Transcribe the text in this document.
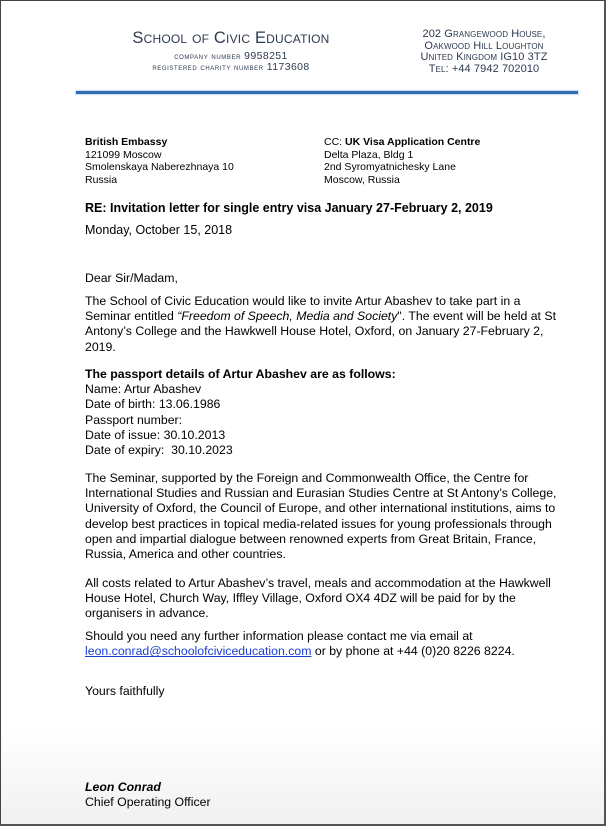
School of Civic Education
company number 9958251
registered charity number 1173608
202 Grangewood House,
Oakwood Hill Loughton
United Kingdom IG10 3TZ
Tel: +44 7942 702010
British Embassy
121099 Moscow
Smolenskaya Naberezhnaya 10
Russia
CC: UK Visa Application Centre
Delta Plaza, Bldg 1
2nd Syromyatnichesky Lane
Moscow, Russia
RE: Invitation letter for single entry visa January 27-February 2, 2019
Monday, October 15, 2018
Dear Sir/Madam,
The School of Civic Education would like to invite Artur Abashev to take part in a
Seminar entitled “Freedom of Speech, Media and Society". The event will be held at St
Antony’s College and the Hawkwell House Hotel, Oxford, on January 27-February 2,
2019.
The passport details of Artur Abashev are as follows:
Name: Artur Abashev
Date of birth: 13.06.1986
Passport number:
Date of issue: 30.10.2013
Date of expiry:  30.10.2023
The Seminar, supported by the Foreign and Commonwealth Office, the Centre for
International Studies and Russian and Eurasian Studies Centre at St Antony’s College,
University of Oxford, the Council of Europe, and other international institutions, aims to
develop best practices in topical media-related issues for young professionals through
open and impartial dialogue between renowned experts from Great Britain, France,
Russia, America and other countries.
All costs related to Artur Abashev’s travel, meals and accommodation at the Hawkwell
House Hotel, Church Way, Iffley Village, Oxford OX4 4DZ will be paid for by the
organisers in advance.
Should you need any further information please contact me via email at
leon.conrad@schoolofciviceducation.com or by phone at +44 (0)20 8226 8224.
Yours faithfully
Leon Conrad
Chief Operating Officer
